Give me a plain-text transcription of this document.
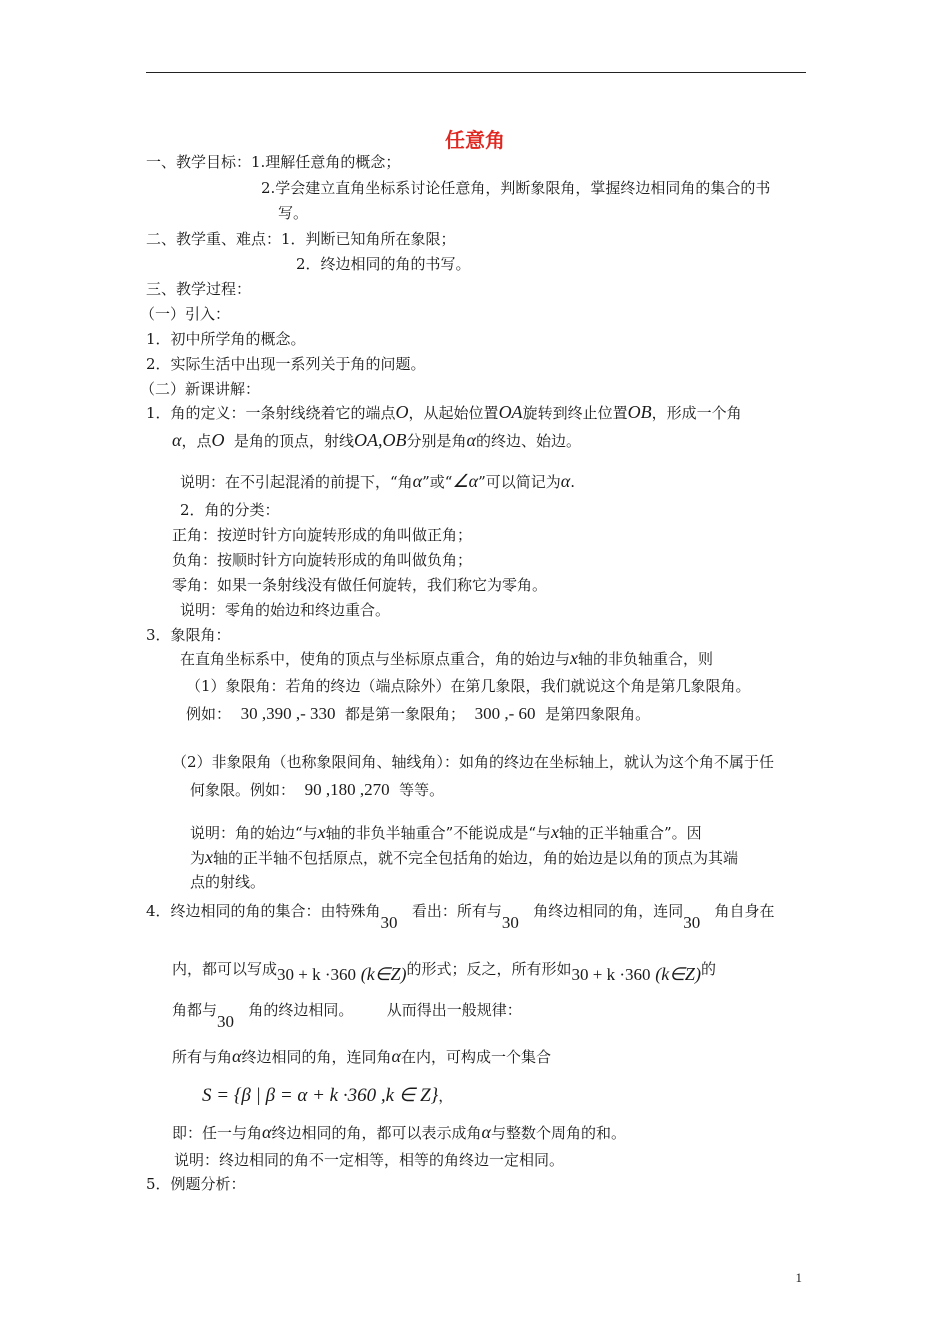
任意角
一、教学目标：1.理解任意角的概念；
2.学会建立直角坐标系讨论任意角，判断象限角，掌握终边相同角的集合的书
写。
二、教学重、难点：1．判断已知角所在象限；
2．终边相同的角的书写。
三、教学过程：
（一）引入：
1．初中所学角的概念。
2．实际生活中出现一系列关于角的问题。
（二）新课讲解：
1．角的定义：一条射线绕着它的端点O，从起始位置OA旋转到终止位置OB，形成一个角
α，点O 是角的顶点，射线OA,OB分别是角α的终边、始边。
说明：在不引起混淆的前提下，“角α”或“∠α”可以简记为α.
2．角的分类：
正角：按逆时针方向旋转形成的角叫做正角；
负角：按顺时针方向旋转形成的角叫做负角；
零角：如果一条射线没有做任何旋转，我们称它为零角。
说明：零角的始边和终边重合。
3．象限角：
在直角坐标系中，使角的顶点与坐标原点重合，角的始边与x轴的非负轴重合，则
（1）象限角：若角的终边（端点除外）在第几象限，我们就说这个角是第几象限角。
例如： 30 ,390 ,- 330 都是第一象限角； 300 ,- 60 是第四象限角。
（2）非象限角（也称象限间角、轴线角）：如角的终边在坐标轴上，就认为这个角不属于任
何象限。例如： 90 ,180 ,270 等等。
说明：角的始边“与x轴的非负半轴重合”不能说成是“与x轴的正半轴重合”。因
为x轴的正半轴不包括原点，就不完全包括角的始边，角的始边是以角的顶点为其端
点的射线。
4．终边相同的角的集合：由特殊角30   看出：所有与30   角终边相同的角，连同30   角自身在
内，都可以写成30 + k ·360 (k∈Z)的形式；反之，所有形如30 + k ·360 (k∈Z)的
角都与30   角的终边相同。 从而得出一般规律：
所有与角α终边相同的角，连同角α在内，可构成一个集合
S = {β | β = α + k ·360 ,k ∈ Z}，
即：任一与角α终边相同的角，都可以表示成角α与整数个周角的和。
说明：终边相同的角不一定相等，相等的角终边一定相同。
5．例题分析：
1
